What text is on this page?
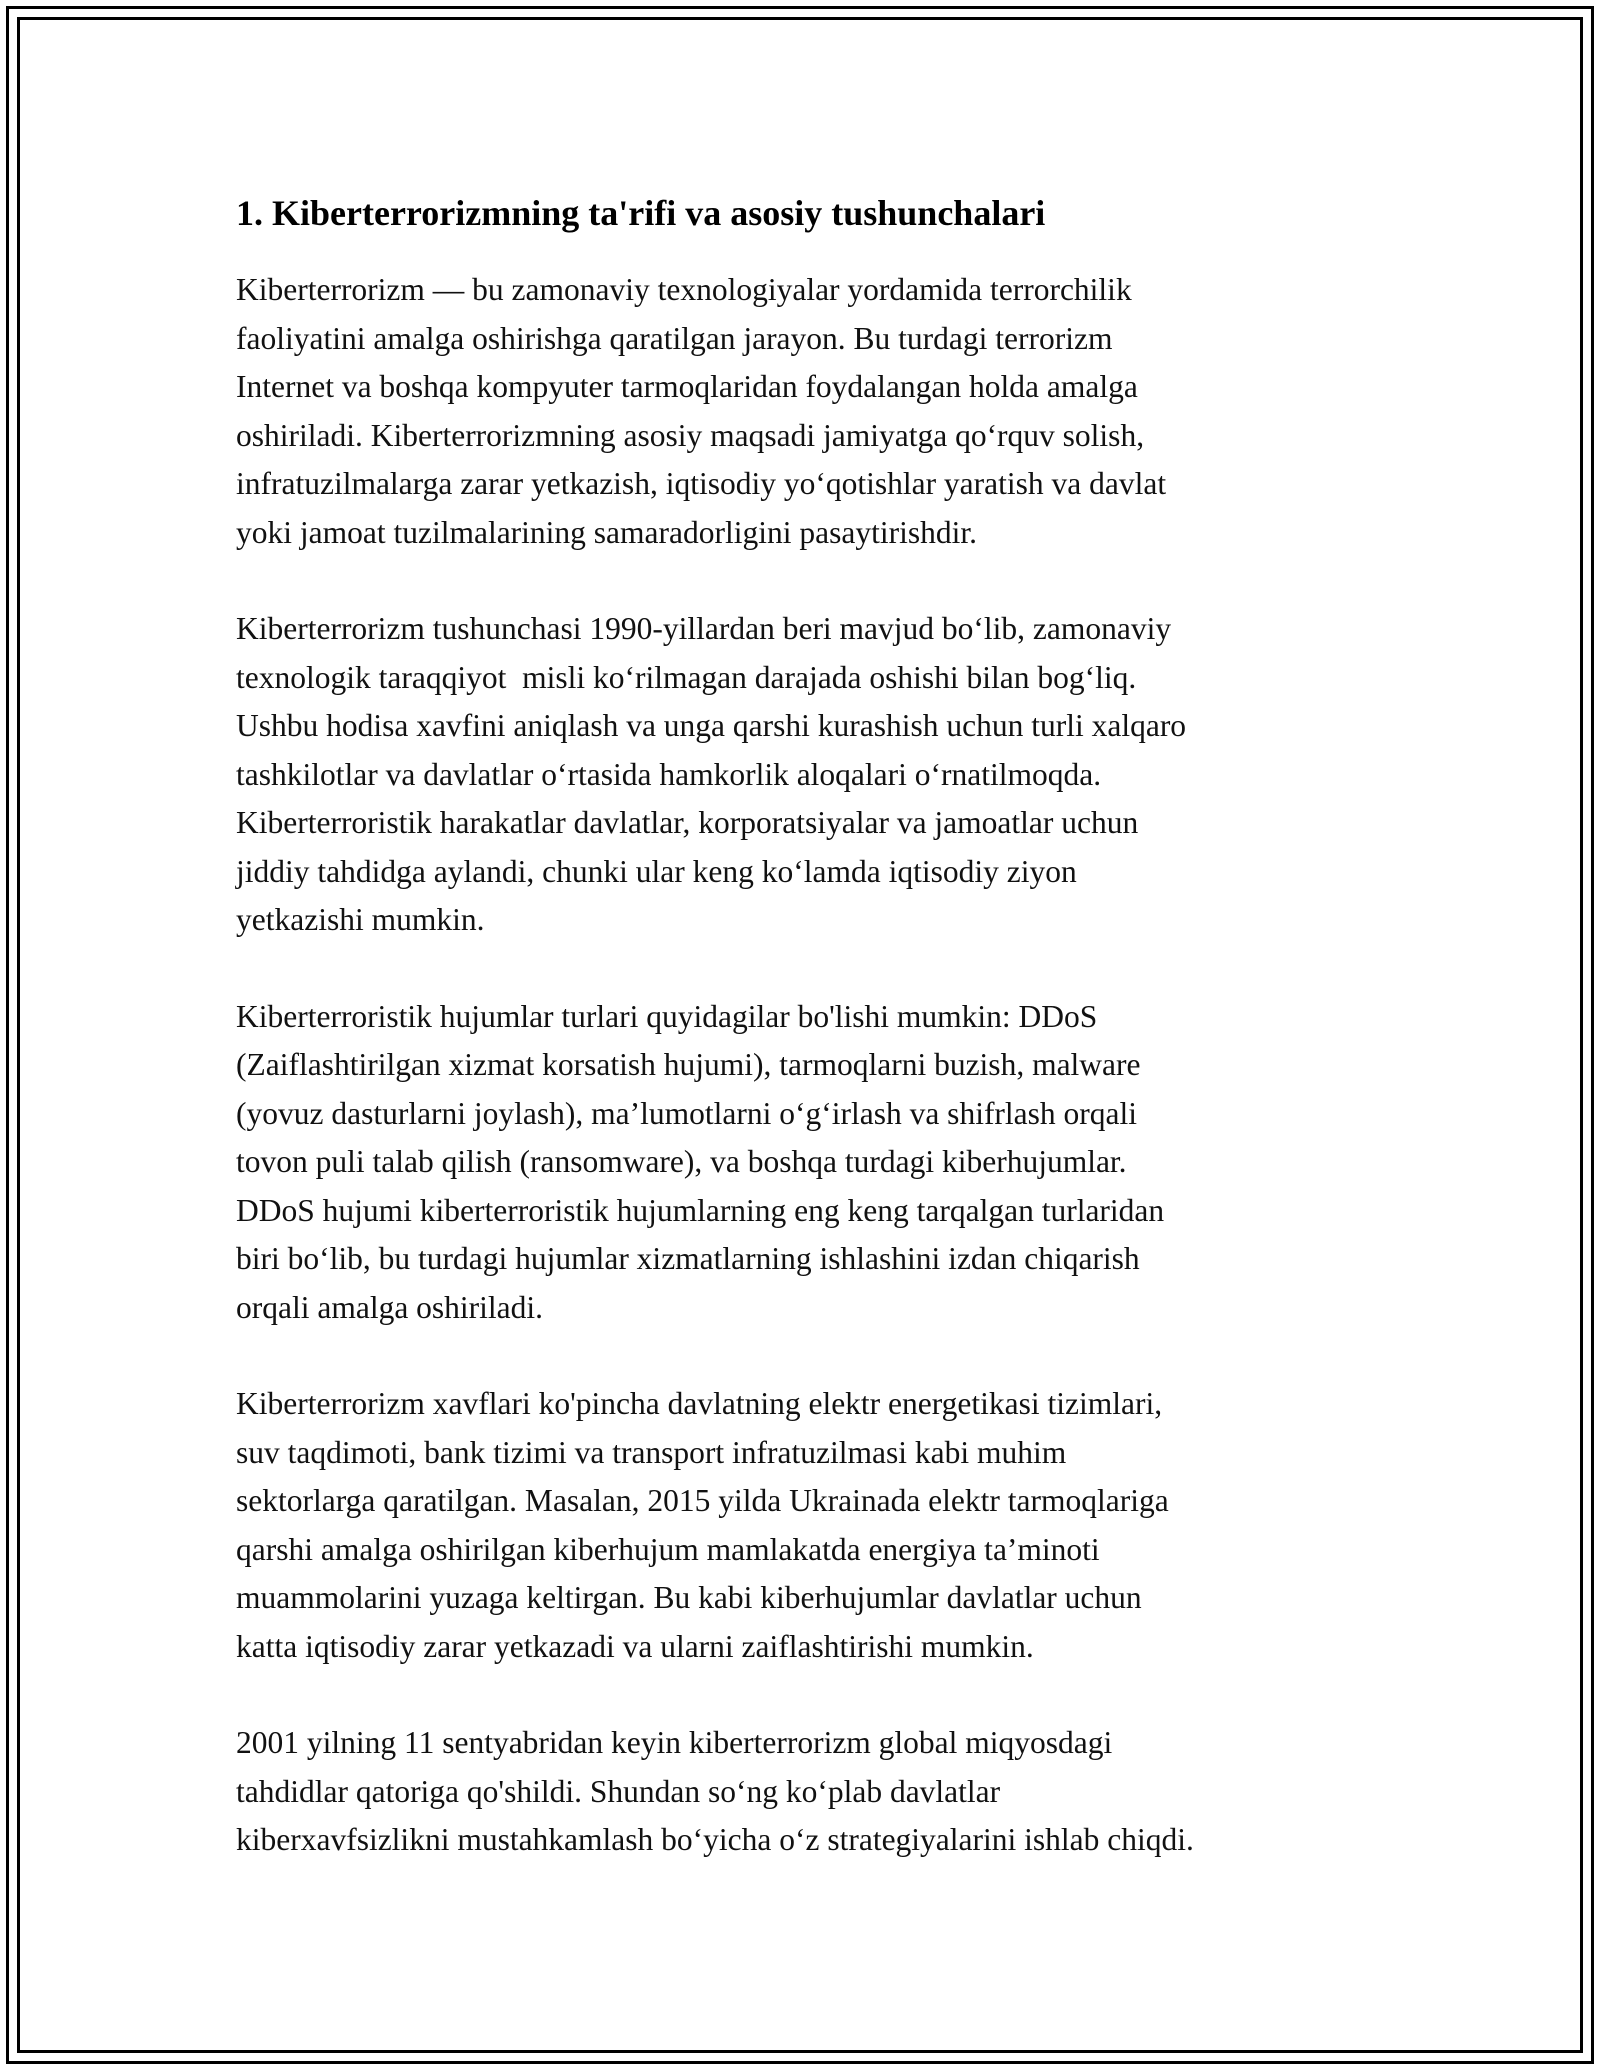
1. Kiberterrorizmning ta'rifi va asosiy tushunchalari

Kiberterrorizm — bu zamonaviy texnologiyalar yordamida terrorchilik
faoliyatini amalga oshirishga qaratilgan jarayon. Bu turdagi terrorizm
Internet va boshqa kompyuter tarmoqlaridan foydalangan holda amalga
oshiriladi. Kiberterrorizmning asosiy maqsadi jamiyatga qo‘rquv solish,
infratuzilmalarga zarar yetkazish, iqtisodiy yo‘qotishlar yaratish va davlat
yoki jamoat tuzilmalarining samaradorligini pasaytirishdir.

Kiberterrorizm tushunchasi 1990-yillardan beri mavjud bo‘lib, zamonaviy
texnologik taraqqiyot  misli ko‘rilmagan darajada oshishi bilan bog‘liq.
Ushbu hodisa xavfini aniqlash va unga qarshi kurashish uchun turli xalqaro
tashkilotlar va davlatlar o‘rtasida hamkorlik aloqalari o‘rnatilmoqda.
Kiberterroristik harakatlar davlatlar, korporatsiyalar va jamoatlar uchun
jiddiy tahdidga aylandi, chunki ular keng ko‘lamda iqtisodiy ziyon
yetkazishi mumkin.

Kiberterroristik hujumlar turlari quyidagilar bo'lishi mumkin: DDoS
(Zaiflashtirilgan xizmat korsatish hujumi), tarmoqlarni buzish, malware
(yovuz dasturlarni joylash), ma’lumotlarni o‘g‘irlash va shifrlash orqali
tovon puli talab qilish (ransomware), va boshqa turdagi kiberhujumlar.
DDoS hujumi kiberterroristik hujumlarning eng keng tarqalgan turlaridan
biri bo‘lib, bu turdagi hujumlar xizmatlarning ishlashini izdan chiqarish
orqali amalga oshiriladi.

Kiberterrorizm xavflari ko'pincha davlatning elektr energetikasi tizimlari,
suv taqdimoti, bank tizimi va transport infratuzilmasi kabi muhim
sektorlarga qaratilgan. Masalan, 2015 yilda Ukrainada elektr tarmoqlariga
qarshi amalga oshirilgan kiberhujum mamlakatda energiya ta’minoti
muammolarini yuzaga keltirgan. Bu kabi kiberhujumlar davlatlar uchun
katta iqtisodiy zarar yetkazadi va ularni zaiflashtirishi mumkin.

2001 yilning 11 sentyabridan keyin kiberterrorizm global miqyosdagi
tahdidlar qatoriga qo'shildi. Shundan so‘ng ko‘plab davlatlar
kiberxavfsizlikni mustahkamlash bo‘yicha o‘z strategiyalarini ishlab chiqdi.
